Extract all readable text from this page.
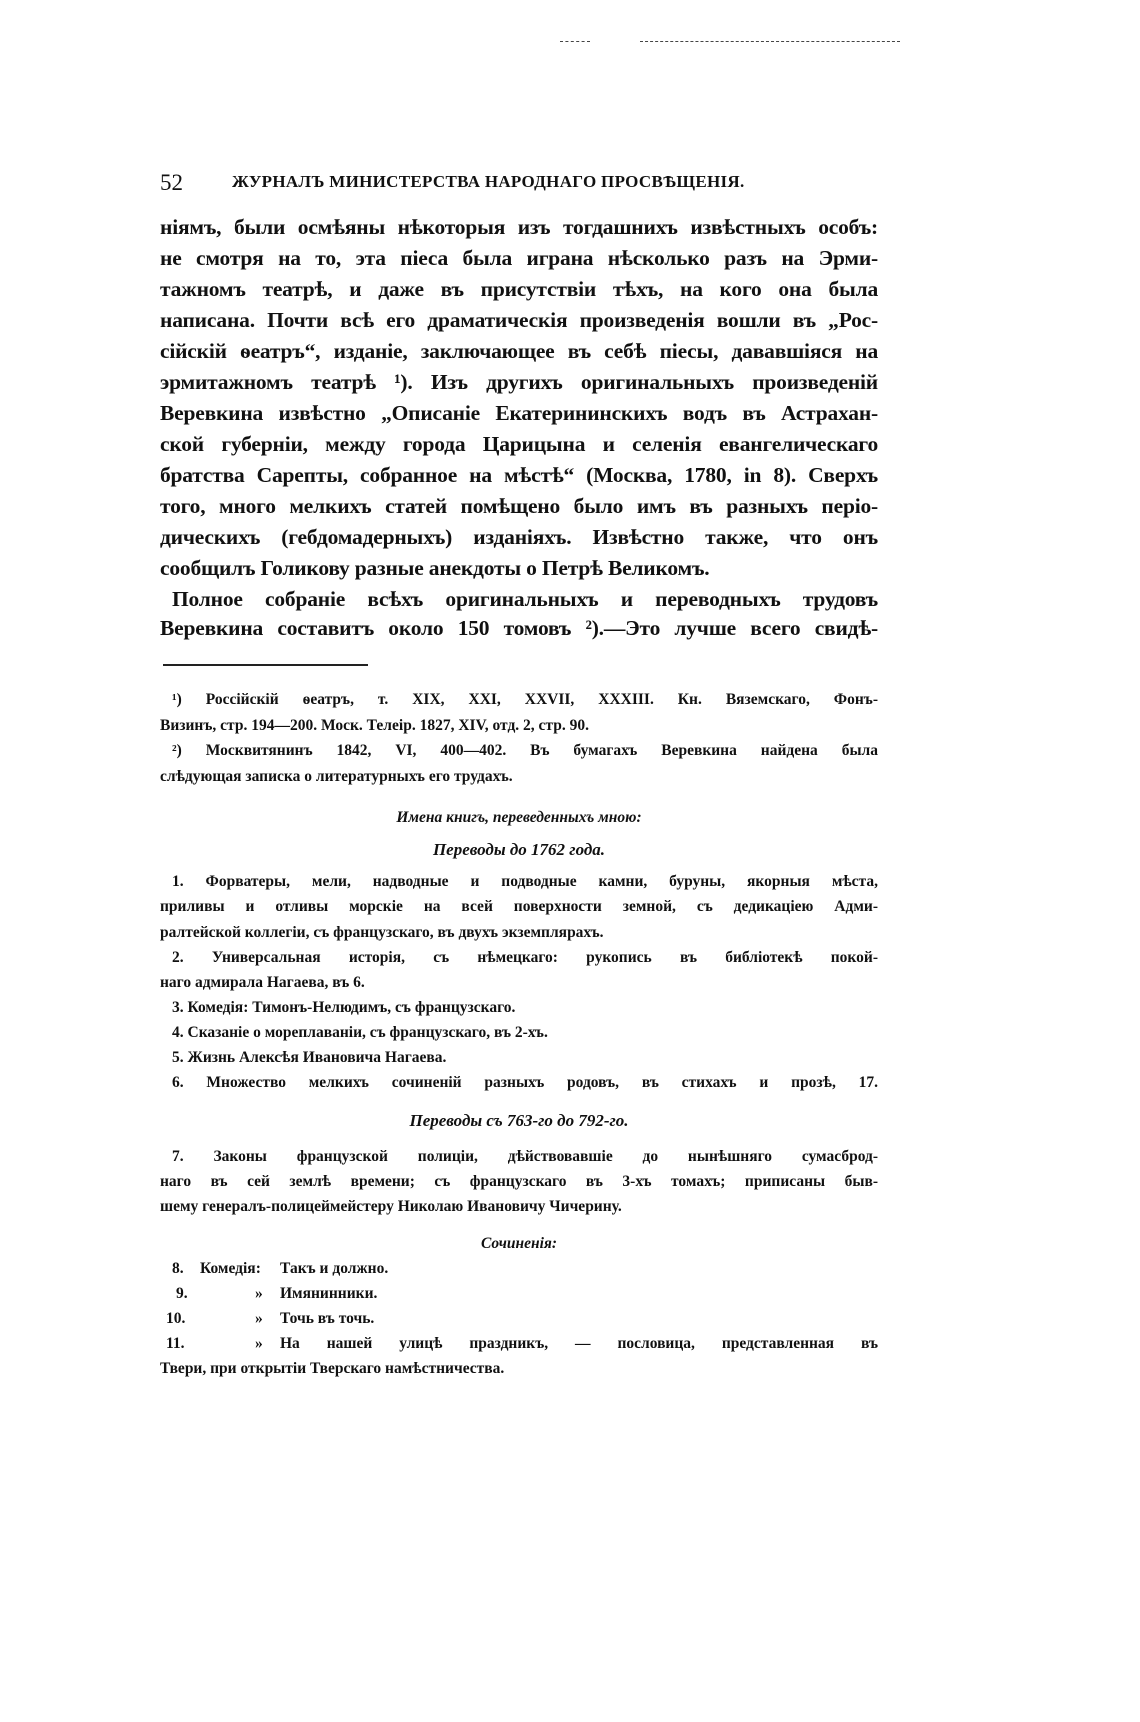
52	ЖУРНАЛЪ МИНИСТЕРСТВА НАРОДНАГО ПРОСВѢЩЕНІЯ.
ніямъ, были осмѣяны нѣкоторыя изъ тогдашнихъ извѣстныхъ особъ:
не смотря на то, эта піеса была играна нѣсколько разъ на Эрми-
тажномъ театрѣ, и даже въ присутствіи тѣхъ, на кого она была
написана. Почти всѣ его драматическія произведенія вошли въ „Рос-
сійскій ѳеатръ“, изданіе, заключающее въ себѣ піесы, дававшіяся на
эрмитажномъ театрѣ ¹). Изъ другихъ оригинальныхъ произведеній
Веревкина извѣстно „Описаніе Екатерининскихъ водъ въ Астрахан-
ской губерніи, между города Царицына и селенія евангелическаго
братства Сарепты, собранное на мѣстѣ“ (Москва, 1780, in 8). Сверхъ
того, много мелкихъ статей помѣщено было имъ въ разныхъ періо-
дическихъ (гебдомадерныхъ) изданіяхъ. Извѣстно также, что онъ
сообщилъ Голикову разные анекдоты о Петрѣ Великомъ.
Полное собраніе всѣхъ оригинальныхъ и переводныхъ трудовъ
Веревкина составитъ около 150 томовъ ²).—Это лучше всего свидѣ-
¹) Россійскій ѳеатръ, т. XIX, XXI, XXVII, XXXIII. Кн. Вяземскаго, Фонъ-
Визинъ, стр. 194—200. Моск. Телеір. 1827, XIV, отд. 2, стр. 90.
²) Москвитянинъ 1842, VI, 400—402. Въ бумагахъ Веревкина найдена была
слѣдующая записка о литературныхъ его трудахъ.
Имена книгъ, переведенныхъ мною:
Переводы до 1762 года.
1. Форватеры, мели, надводные и подводные камни, буруны, якорныя мѣста,
приливы и отливы морскіе на всей поверхности земной, съ дедикаціею Адми-
ралтейской коллегіи, съ французскаго, въ двухъ экземплярахъ.
2. Универсальная исторія, съ нѣмецкаго: рукопись въ библіотекѣ покой-
наго адмирала Нагаева, въ 6.
3. Комедія: Тимонъ-Нелюдимъ, съ французскаго.
4. Сказаніе о мореплаваніи, съ французскаго, въ 2-хъ.
5. Жизнь Алексѣя Ивановича Нагаева.
6. Множество мелкихъ сочиненій разныхъ родовъ, въ стихахъ и прозѣ, 17.
Переводы съ 763-го до 792-го.
7. Законы французской полиціи, дѣйствовавшіе до нынѣшняго сумасброд-
наго въ сей землѣ времени; съ французскаго въ 3-хъ томахъ; приписаны быв-
шему генералъ-полицеймейстеру Николаю Ивановичу Чичерину.
Сочиненія:
8. Комедія: Такъ и должно.
9.	» Имянинники.
10.	» Точь въ точь.
11.	» На нашей улицѣ праздникъ, — пословица, представленная въ
Твери, при открытіи Тверскаго намѣстничества.
